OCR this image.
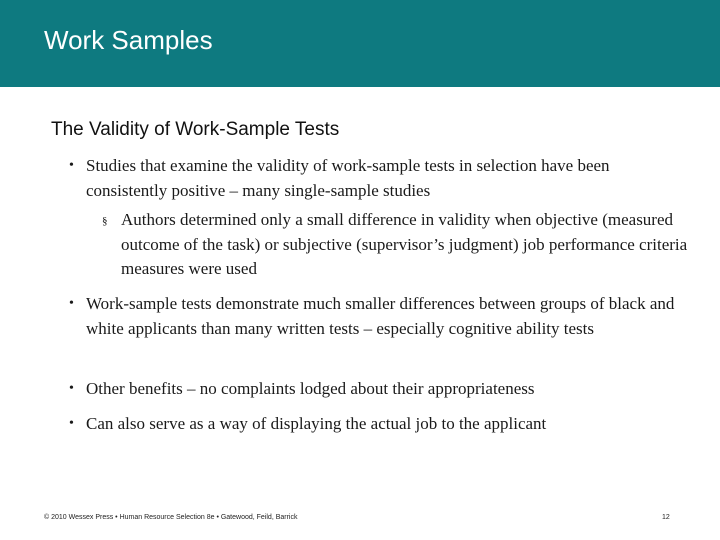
Work Samples
The Validity of Work-Sample Tests
• Studies that examine the validity of work-sample tests in selection have been consistently positive – many single-sample studies
§ Authors determined only a small difference in validity when objective (measured outcome of the task) or subjective (supervisor’s judgment) job performance criteria measures were used
• Work-sample tests demonstrate much smaller differences between groups of black and white applicants than many written tests – especially cognitive ability tests
• Other benefits – no complaints lodged about their appropriateness
• Can also serve as a way of displaying the actual job to the applicant
© 2010 Wessex Press • Human Resource Selection 8e • Gatewood, Feild, Barrick	12
